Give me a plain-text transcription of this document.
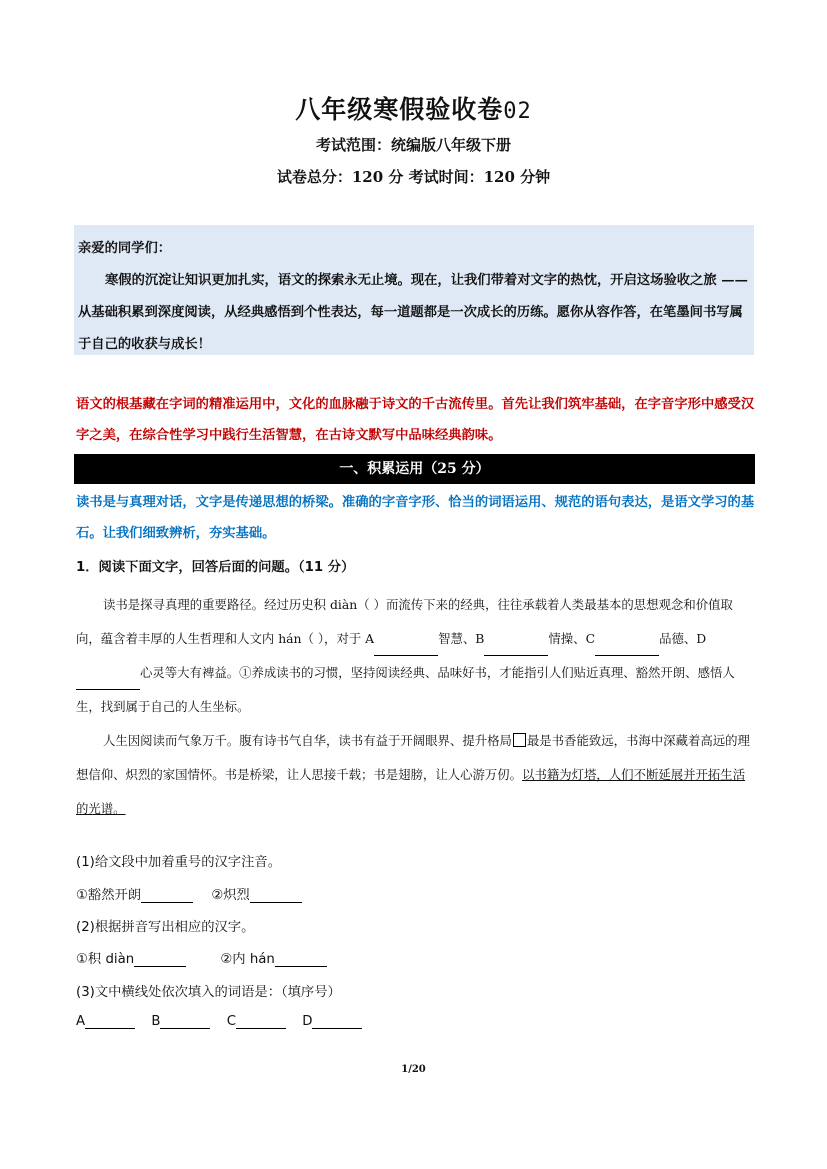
八年级寒假验收卷02
考试范围：统编版八年级下册
试卷总分：120 分 考试时间：120 分钟

亲爱的同学们：

寒假的沉淀让知识更加扎实，语文的探索永无止境。现在，让我们带着对文字的热忱，开启这场验收之旅 —— 从基础积累到深度阅读，从经典感悟到个性表达，每一道题都是一次成长的历练。愿你从容作答，在笔墨间书写属于自己的收获与成长！

语文的根基藏在字词的精准运用中，文化的血脉融于诗文的千古流传里。首先让我们筑牢基础，在字音字形中感受汉字之美，在综合性学习中践行生活智慧，在古诗文默写中品味经典韵味。
一、积累运用（25 分）
读书是与真理对话，文字是传递思想的桥梁。准确的字音字形、恰当的词语运用、规范的语句表达，是语文学习的基石。让我们细致辨析，夯实基础。
1．阅读下面文字，回答后面的问题。（11 分）

读书是探寻真理的重要路径。经过历史积 diàn（ ）而流传下来的经典，往往承载着人类最基本的思想观念和价值取向，蕴含着丰厚的人生哲理和人文内 hán（ ），对于 A	智慧、B	情操、C	品德、D心灵等大有裨益。①养成读书的习惯，坚持阅读经典、品味好书，才能指引人们贴近真理、豁然开朗、感悟人生，找到属于自己的人生坐标。

人生因阅读而气象万千。腹有诗书气自华，读书有益于开阔眼界、提升格局 最是书香能致远，书海中深藏着高远的理想信仰、炽烈的家国情怀。书是桥梁，让人思接千载；书是翅膀，让人心游万仞。以书籍为灯塔，人们不断延展并开拓生活的光谱。

(1)给文段中加着重号的汉字注音。
①豁然开朗	②炽烈
(2)根据拼音写出相应的汉字。
①积 diàn	②内 hán
(3)文中横线处依次填入的词语是：（填序号）
A	B	C	D
1/20
